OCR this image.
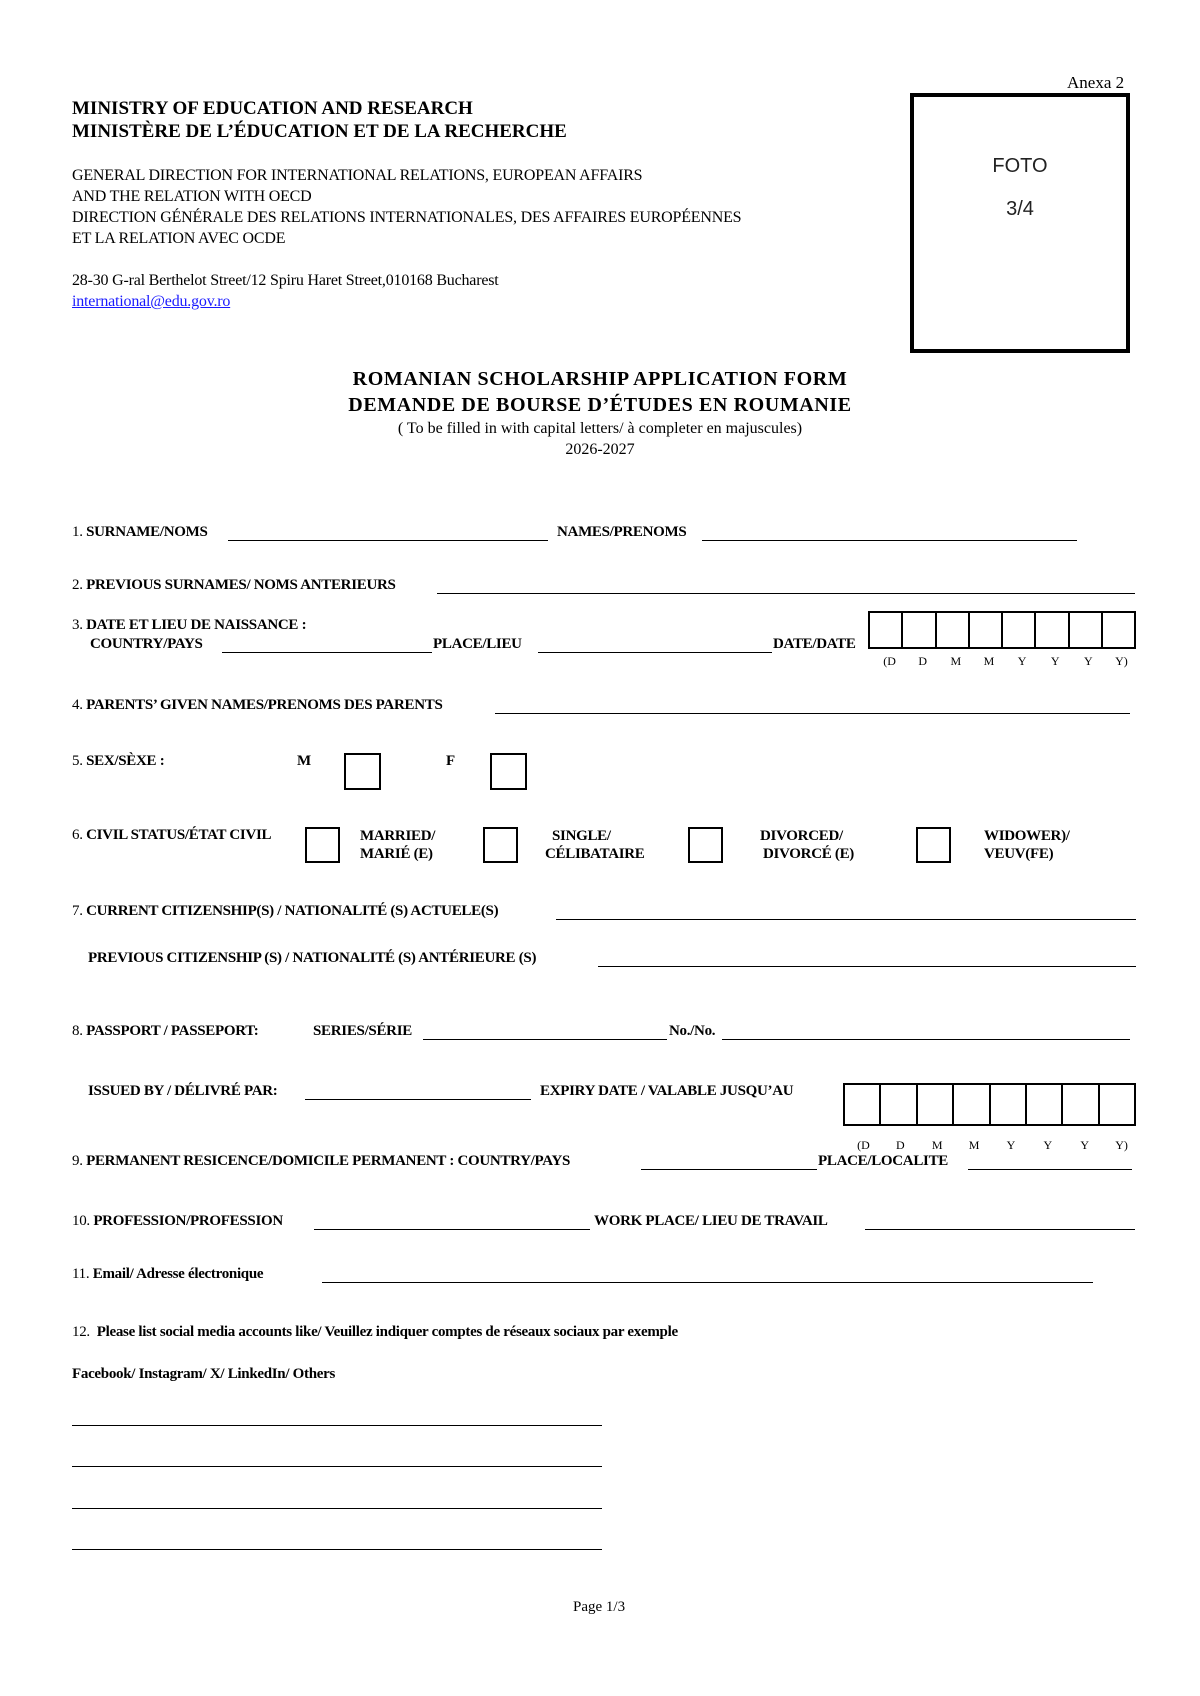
Anexa 2
MINISTRY OF EDUCATION AND RESEARCH
MINISTÈRE DE L’ÉDUCATION ET DE LA RECHERCHE
GENERAL DIRECTION FOR INTERNATIONAL RELATIONS, EUROPEAN AFFAIRS
AND THE RELATION WITH OECD
DIRECTION GÉNÉRALE DES RELATIONS INTERNATIONALES, DES AFFAIRES EUROPÉENNES
ET LA RELATION AVEC OCDE
28-30 G-ral Berthelot Street/12 Spiru Haret Street,010168 Bucharest
international@edu.gov.ro
FOTO
3/4
ROMANIAN SCHOLARSHIP APPLICATION FORM
DEMANDE DE BOURSE D’ÉTUDES EN ROUMANIE
( To be filled in with capital letters/ à completer en majuscules)
2026-2027
1. SURNAME/NOMS	NAMES/PRENOMS
2. PREVIOUS SURNAMES/ NOMS ANTERIEURS
3. DATE ET LIEU DE NAISSANCE :
COUNTRY/PAYS	PLACE/LIEU	DATE/DATE
(D	D	M	M	Y	Y	Y	Y)
4. PARENTS’ GIVEN NAMES/PRENOMS DES PARENTS
5. SEX/SÈXE :	M	F
6. CIVIL STATUS/ÉTAT CIVIL	MARRIED/
MARIÉ (E)
SINGLE/
CÉLIBATAIRE
DIVORCED/
DIVORCÉ (E)
WIDOWER)/
VEUV(FE)
7. CURRENT CITIZENSHIP(S) / NATIONALITÉ (S) ACTUELE(S)
PREVIOUS CITIZENSHIP (S) / NATIONALITÉ (S) ANTÉRIEURE (S)
8. PASSPORT / PASSEPORT:	SERIES/SÉRIE	No./No.
ISSUED BY / DÉLIVRÉ PAR:	EXPIRY DATE / VALABLE JUSQU’AU
(D	D	M	M	Y	Y	Y	Y)
9. PERMANENT RESICENCE/DOMICILE PERMANENT : COUNTRY/PAYS	PLACE/LOCALITE
10. PROFESSION/PROFESSION	WORK PLACE/ LIEU DE TRAVAIL
11. Email/ Adresse électronique
12. Please list social media accounts like/ Veuillez indiquer comptes de réseaux sociaux par exemple
Facebook/ Instagram/ X/ LinkedIn/ Others
Page 1/3
